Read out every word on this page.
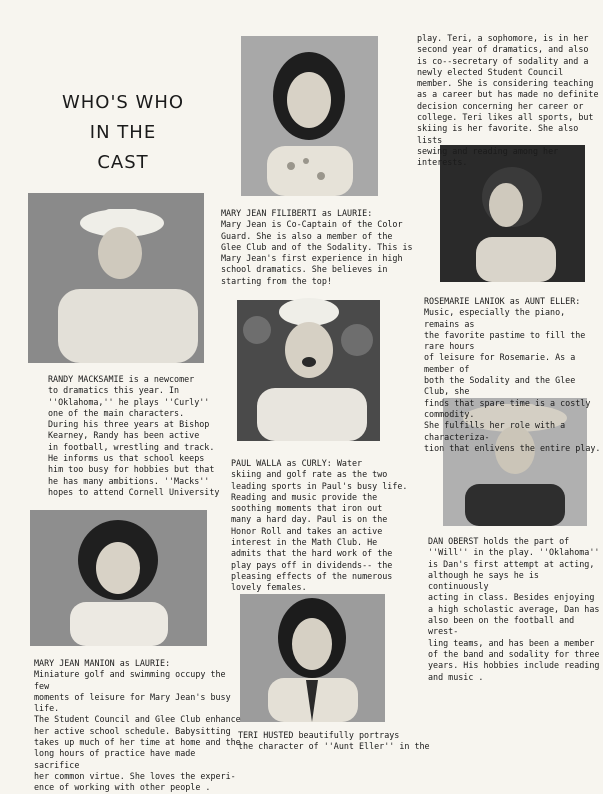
WHO'S WHO
IN THE
CAST
play. Teri, a sophomore, is in her
second year of dramatics, and also
is co--secretary of sodality and a
newly elected Student Council
member. She is considering teaching
as a career but has made no definite
decision concerning her career or
college. Teri likes all sports, but
skiing is her favorite. She also lists
sewing and reading among her interests.
MARY JEAN FILIBERTI as LAURIE:
Mary Jean is Co-Captain of the Color
Guard. She is also a member of the
Glee Club and of the Sodality. This is
Mary Jean's first experience in high
school dramatics. She believes in
starting from the top!
ROSEMARIE LANIOK as AUNT ELLER:
Music, especially the piano, remains as
the favorite pastime to fill the rare hours
of leisure for Rosemarie. As a member of
both the Sodality and the Glee Club, she
finds that spare time is a costly commodity.
She fulfills her role with a characteriza-
tion that enlivens the entire play.
RANDY MACKSAMIE is a newcomer
to dramatics this year. In
''Oklahoma,'' he plays ''Curly''
one of the main characters.
During his three years at Bishop
Kearney, Randy has been active
in football, wrestling and track.
He informs us that school keeps
him too busy for hobbies but that
he has many ambitions. ''Macks''
hopes to attend Cornell University
PAUL WALLA as CURLY: Water
skiing and golf rate as the two
leading sports in Paul's busy life.
Reading and music provide the
soothing moments that iron out
many a hard day. Paul is on the
Honor Roll and takes an active
interest in the Math Club. He
admits that the hard work of the
play pays off in dividends-- the
pleasing effects of the numerous
lovely females.
DAN OBERST holds the part of
''Will'' in the play. ''Oklahoma''
is Dan's first attempt at acting,
although he says he is continuously
acting in class. Besides enjoying
a high scholastic average, Dan has
also been on the football and wrest-
ling teams, and has been a member
of the band and sodality for three
years. His hobbies include reading
and music .
MARY JEAN MANION as LAURIE:
Miniature golf and swimming occupy the few
moments of leisure for Mary Jean's busy life.
The Student Council and Glee Club enhance
her active school schedule. Babysitting
takes up much of her time at home and the
long hours of practice have made sacrifice
her common virtue. She loves the experi-
ence of working with other people .
TERI HUSTED beautifully portrays
the character of ''Aunt Eller'' in the
